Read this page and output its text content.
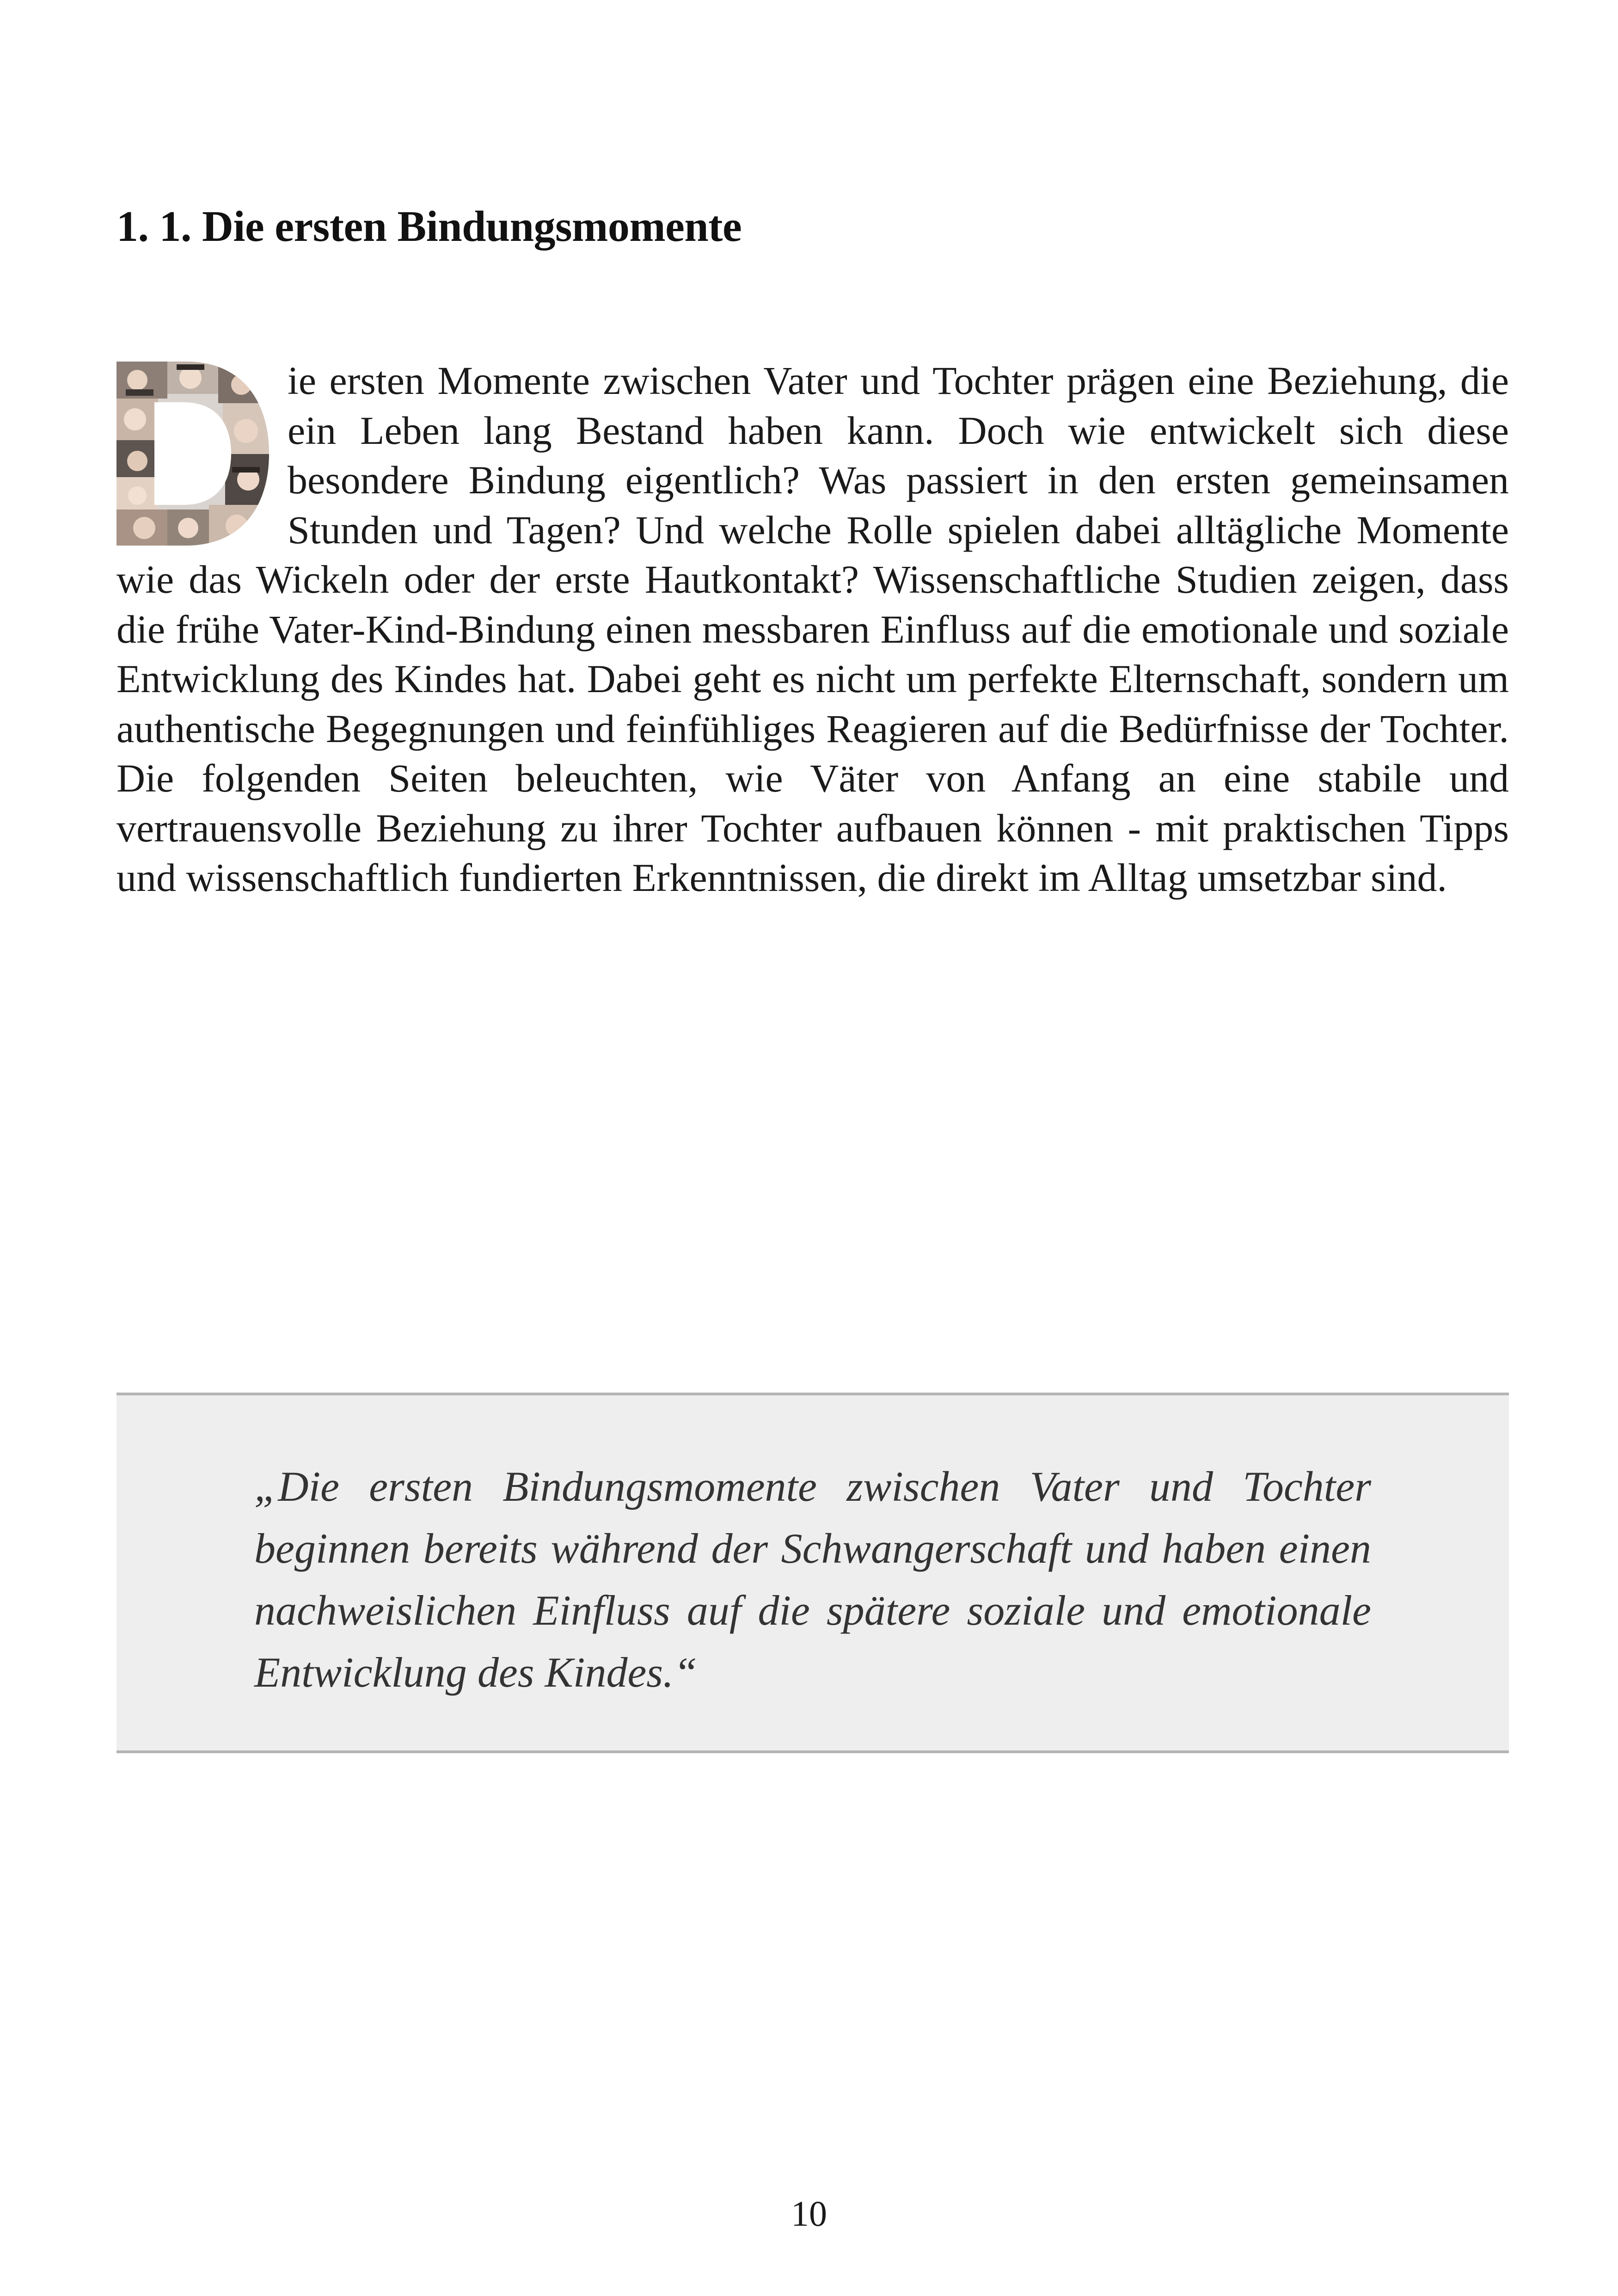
1. 1. Die ersten Bindungsmomente

ie ersten Momente zwischen Vater und Tochter prägen eine Beziehung, die ein Leben lang Bestand haben kann. Doch wie entwickelt sich diese besondere Bindung eigentlich? Was passiert in den ersten gemeinsamen Stunden und Tagen? Und welche Rolle spielen dabei alltägliche Momente wie das Wickeln oder der erste Hautkontakt? Wissenschaftliche Studien zeigen, dass die frühe Vater-Kind-Bindung einen messbaren Einfluss auf die emotionale und soziale Entwicklung des Kindes hat. Dabei geht es nicht um perfekte Elternschaft, sondern um authentische Begegnungen und feinfühliges Reagieren auf die Bedürfnisse der Tochter. Die folgenden Seiten beleuchten, wie Väter von Anfang an eine stabile und vertrauensvolle Beziehung zu ihrer Tochter aufbauen können - mit praktischen Tipps und wissenschaftlich fundierten Erkenntnissen, die direkt im Alltag umsetzbar sind.

„Die ersten Bindungsmomente zwischen Vater und Tochter beginnen bereits während der Schwangerschaft und haben einen nachweislichen Einfluss auf die spätere soziale und emotionale Entwicklung des Kindes.“

10
